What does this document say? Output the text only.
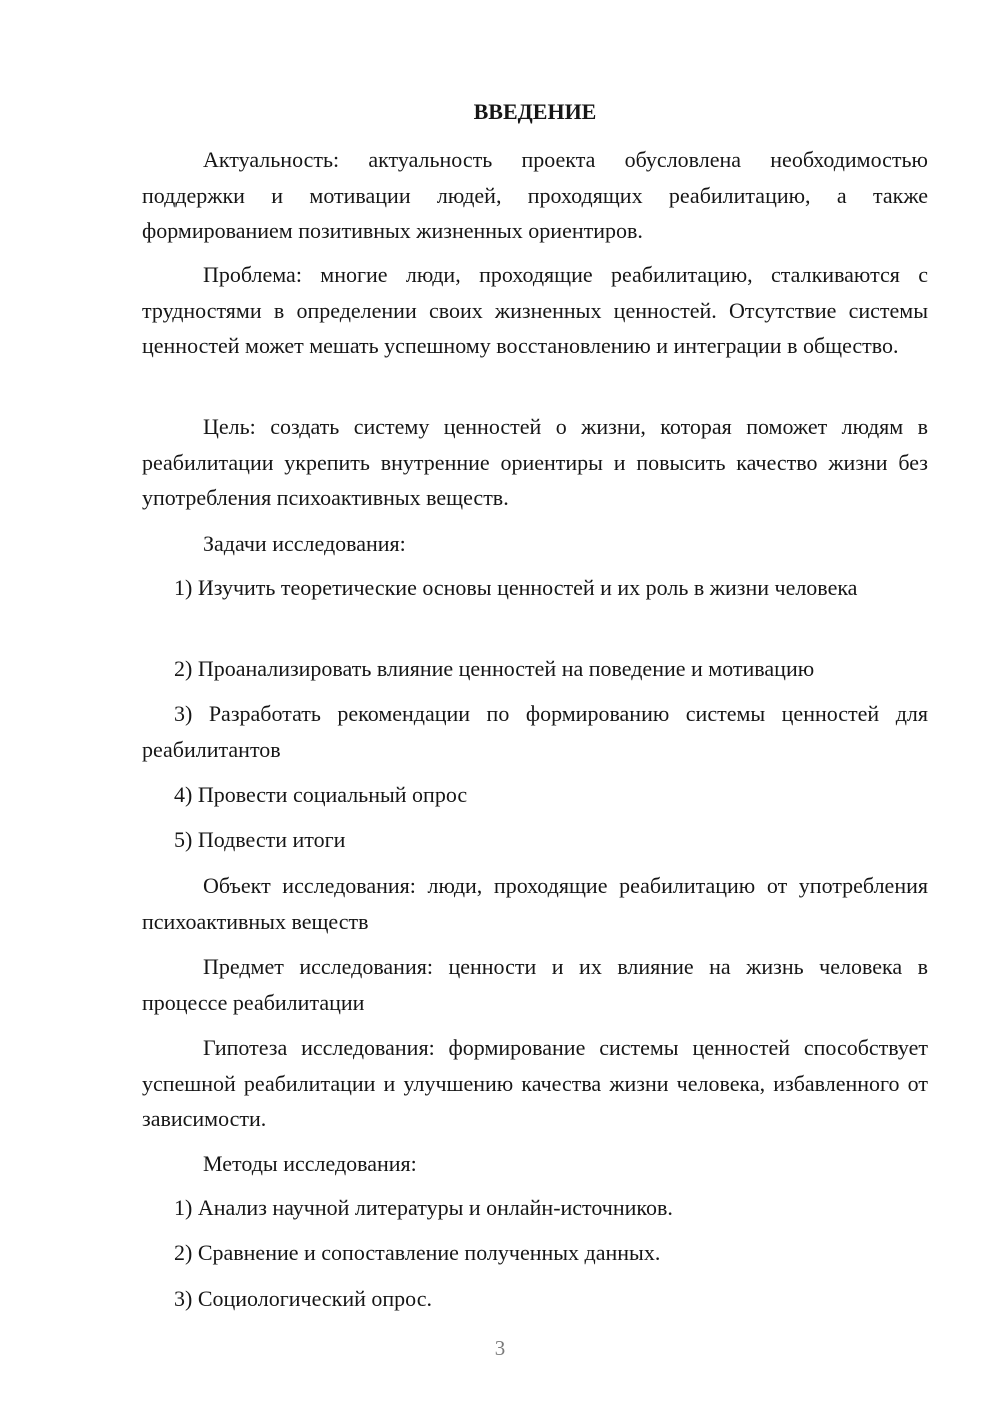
ВВЕДЕНИЕ

Актуальность: актуальность проекта обусловлена необходимостью поддержки и мотивации людей, проходящих реабилитацию, а также формированием позитивных жизненных ориентиров.

Проблема: многие люди, проходящие реабилитацию, сталкиваются с трудностями в определении своих жизненных ценностей. Отсутствие системы ценностей может мешать успешному восстановлению и интеграции в общество.

Цель: создать систему ценностей о жизни, которая поможет людям в реабилитации укрепить внутренние ориентиры и повысить качество жизни без употребления психоактивных веществ.

Задачи исследования:

1) Изучить теоретические основы ценностей и их роль в жизни человека

2) Проанализировать влияние ценностей на поведение и мотивацию

3) Разработать рекомендации по формированию системы ценностей для реабилитантов

4) Провести социальный опрос

5) Подвести итоги

Объект исследования: люди, проходящие реабилитацию от употребления психоактивных веществ

Предмет исследования: ценности и их влияние на жизнь человека в процессе реабилитации

Гипотеза исследования: формирование системы ценностей способствует успешной реабилитации и улучшению качества жизни человека, избавленного от зависимости.

Методы исследования:

1) Анализ научной литературы и онлайн-источников.

2) Сравнение и сопоставление полученных данных.

3) Социологический опрос.

3
